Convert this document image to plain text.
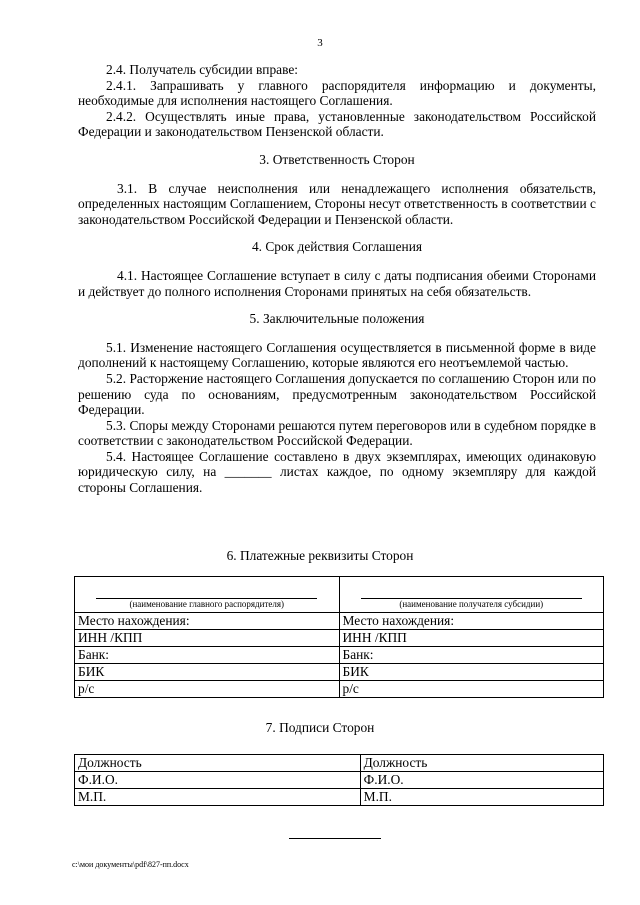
3

2.4. Получатель субсидии вправе:

2.4.1. Запрашивать у главного распорядителя информацию и документы, необходимые для исполнения настоящего Соглашения.

2.4.2. Осуществлять иные права, установленные законодательством Российской Федерации и законодательством Пензенской области.

3. Ответственность Сторон

3.1. В случае неисполнения или ненадлежащего исполнения обязательств, определенных настоящим Соглашением, Стороны несут ответственность в соответствии с законодательством Российской Федерации и Пензенской области.

4. Срок действия Соглашения

4.1. Настоящее Соглашение вступает в силу с даты подписания обеими Сторонами и действует до полного исполнения Сторонами принятых на себя обязательств.

5. Заключительные положения

5.1. Изменение настоящего Соглашения осуществляется в письменной форме в виде дополнений к настоящему Соглашению, которые являются его неотъемлемой частью.

5.2. Расторжение настоящего Соглашения допускается по соглашению Сторон или по решению суда по основаниям, предусмотренным законодательством Российской Федерации.

5.3. Споры между Сторонами решаются путем переговоров или в судебном порядке в соответствии с законодательством Российской Федерации.

5.4. Настоящее Соглашение составлено в двух экземплярах, имеющих одинаковую юридическую силу, на _______ листах каждое, по одному экземпляру для каждой стороны Соглашения.

6. Платежные реквизиты Сторон
(наименование главного распорядителя)	(наименование получателя субсидии)

Место нахождения:	Место нахождения:
ИНН /КПП	ИНН /КПП
Банк:	Банк:
БИК	БИК
р/с	р/с
7. Подписи Сторон
Должность	Должность
Ф.И.О.	Ф.И.О.
М.П.	М.П.
c:\мои документы\pdf\827-пп.docx
